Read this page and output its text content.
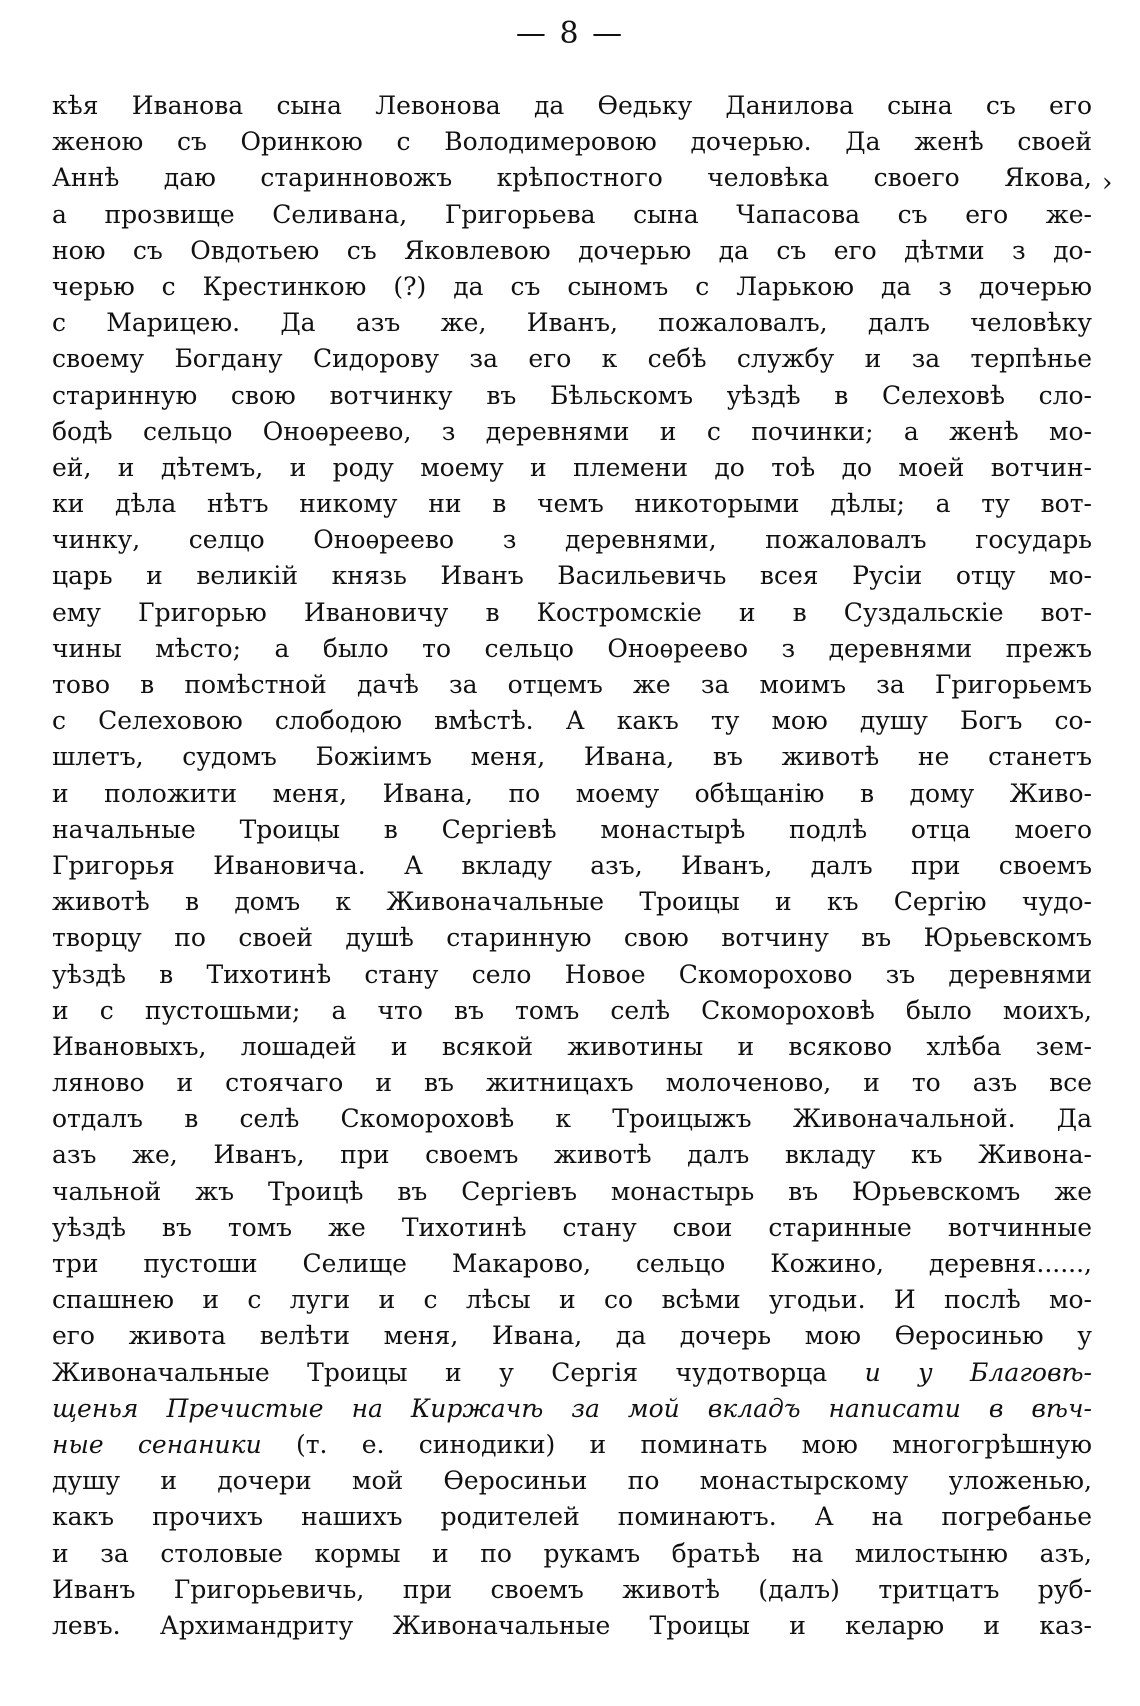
— 8 —
›
кѣя Иванова сына Левонова да Ѳедьку Данилова сына съ его
женою съ Оринкою с Володимеровою дочерью. Да женѣ своей
Аннѣ даю старинновожъ крѣпостного человѣка своего Якова,
а прозвище Селивана, Григорьева сына Чапасова съ его же-
ною съ Овдотьею съ Яковлевою дочерью да съ его дѣтми з до-
черью с Крестинкою (?) да съ сыномъ с Ларькою да з дочерью
с Марицею. Да азъ же, Иванъ, пожаловалъ, далъ человѣку
своему Богдану Сидорову за его к себѣ службу и за терпѣнье
старинную свою вотчинку въ Бѣльскомъ уѣздѣ в Селеховѣ сло-
бодѣ сельцо Оноѳреево, з деревнями и с починки; а женѣ мо-
ей, и дѣтемъ, и роду моему и племени до тоѣ до моей вотчин-
ки дѣла нѣтъ никому ни в чемъ никоторыми дѣлы; а ту вот-
чинку, селцо Оноѳреево з деревнями, пожаловалъ государь
царь и великій князь Иванъ Васильевичь всея Русіи отцу мо-
ему Григорью Ивановичу в Костромскіе и в Суздальскіе вот-
чины мѣсто; а было то сельцо Оноѳреево з деревнями прежъ
тово в помѣстной дачѣ за отцемъ же за моимъ за Григорьемъ
с Селеховою слободою вмѣстѣ. А какъ ту мою душу Богъ со-
шлетъ, судомъ Божіимъ меня, Ивана, въ животѣ не станетъ
и положити меня, Ивана, по моему обѣщанію в дому Живо-
начальные Троицы в Сергіевѣ монастырѣ подлѣ отца моего
Григорья Ивановича. А вкладу азъ, Иванъ, далъ при своемъ
животѣ в домъ к Живоначальные Троицы и къ Сергію чудо-
творцу по своей душѣ старинную свою вотчину въ Юрьевскомъ
уѣздѣ в Тихотинѣ стану село Новое Скоморохово зъ деревнями
и с пустошьми; а что въ томъ селѣ Скомороховѣ было моихъ,
Ивановыхъ, лошадей и всякой животины и всяково хлѣба зем-
ляново и стоячаго и въ житницахъ молоченово, и то азъ все
отдалъ в селѣ Скомороховѣ к Троицыжъ Живоначальной. Да
азъ же, Иванъ, при своемъ животѣ далъ вкладу къ Живона-
чальной жъ Троицѣ въ Сергіевъ монастырь въ Юрьевскомъ же
уѣздѣ въ томъ же Тихотинѣ стану свои старинные вотчинные
три пустоши Селище Макарово, сельцо Кожино, деревня......,
спашнею и с луги и с лѣсы и со всѣми угодьи. И послѣ мо-
его живота велѣти меня, Ивана, да дочерь мою Ѳеросинью у
Живоначальные Троицы и у Сергія чудотворца и у Благовѣ-
щенья Пречистые на Киржачѣ за мой вкладъ написати в вѣч-
ные сенаники (т. е. синодики) и поминать мою многогрѣшную
душу и дочери мой Ѳеросиньи по монастырскому уложенью,
какъ прочихъ нашихъ родителей поминаютъ. А на погребанье
и за столовые кормы и по рукамъ братьѣ на милостыню азъ,
Иванъ Григорьевичь, при своемъ животѣ (далъ) тритцатъ руб-
левъ. Архимандриту Живоначальные Троицы и келарю и каз-
